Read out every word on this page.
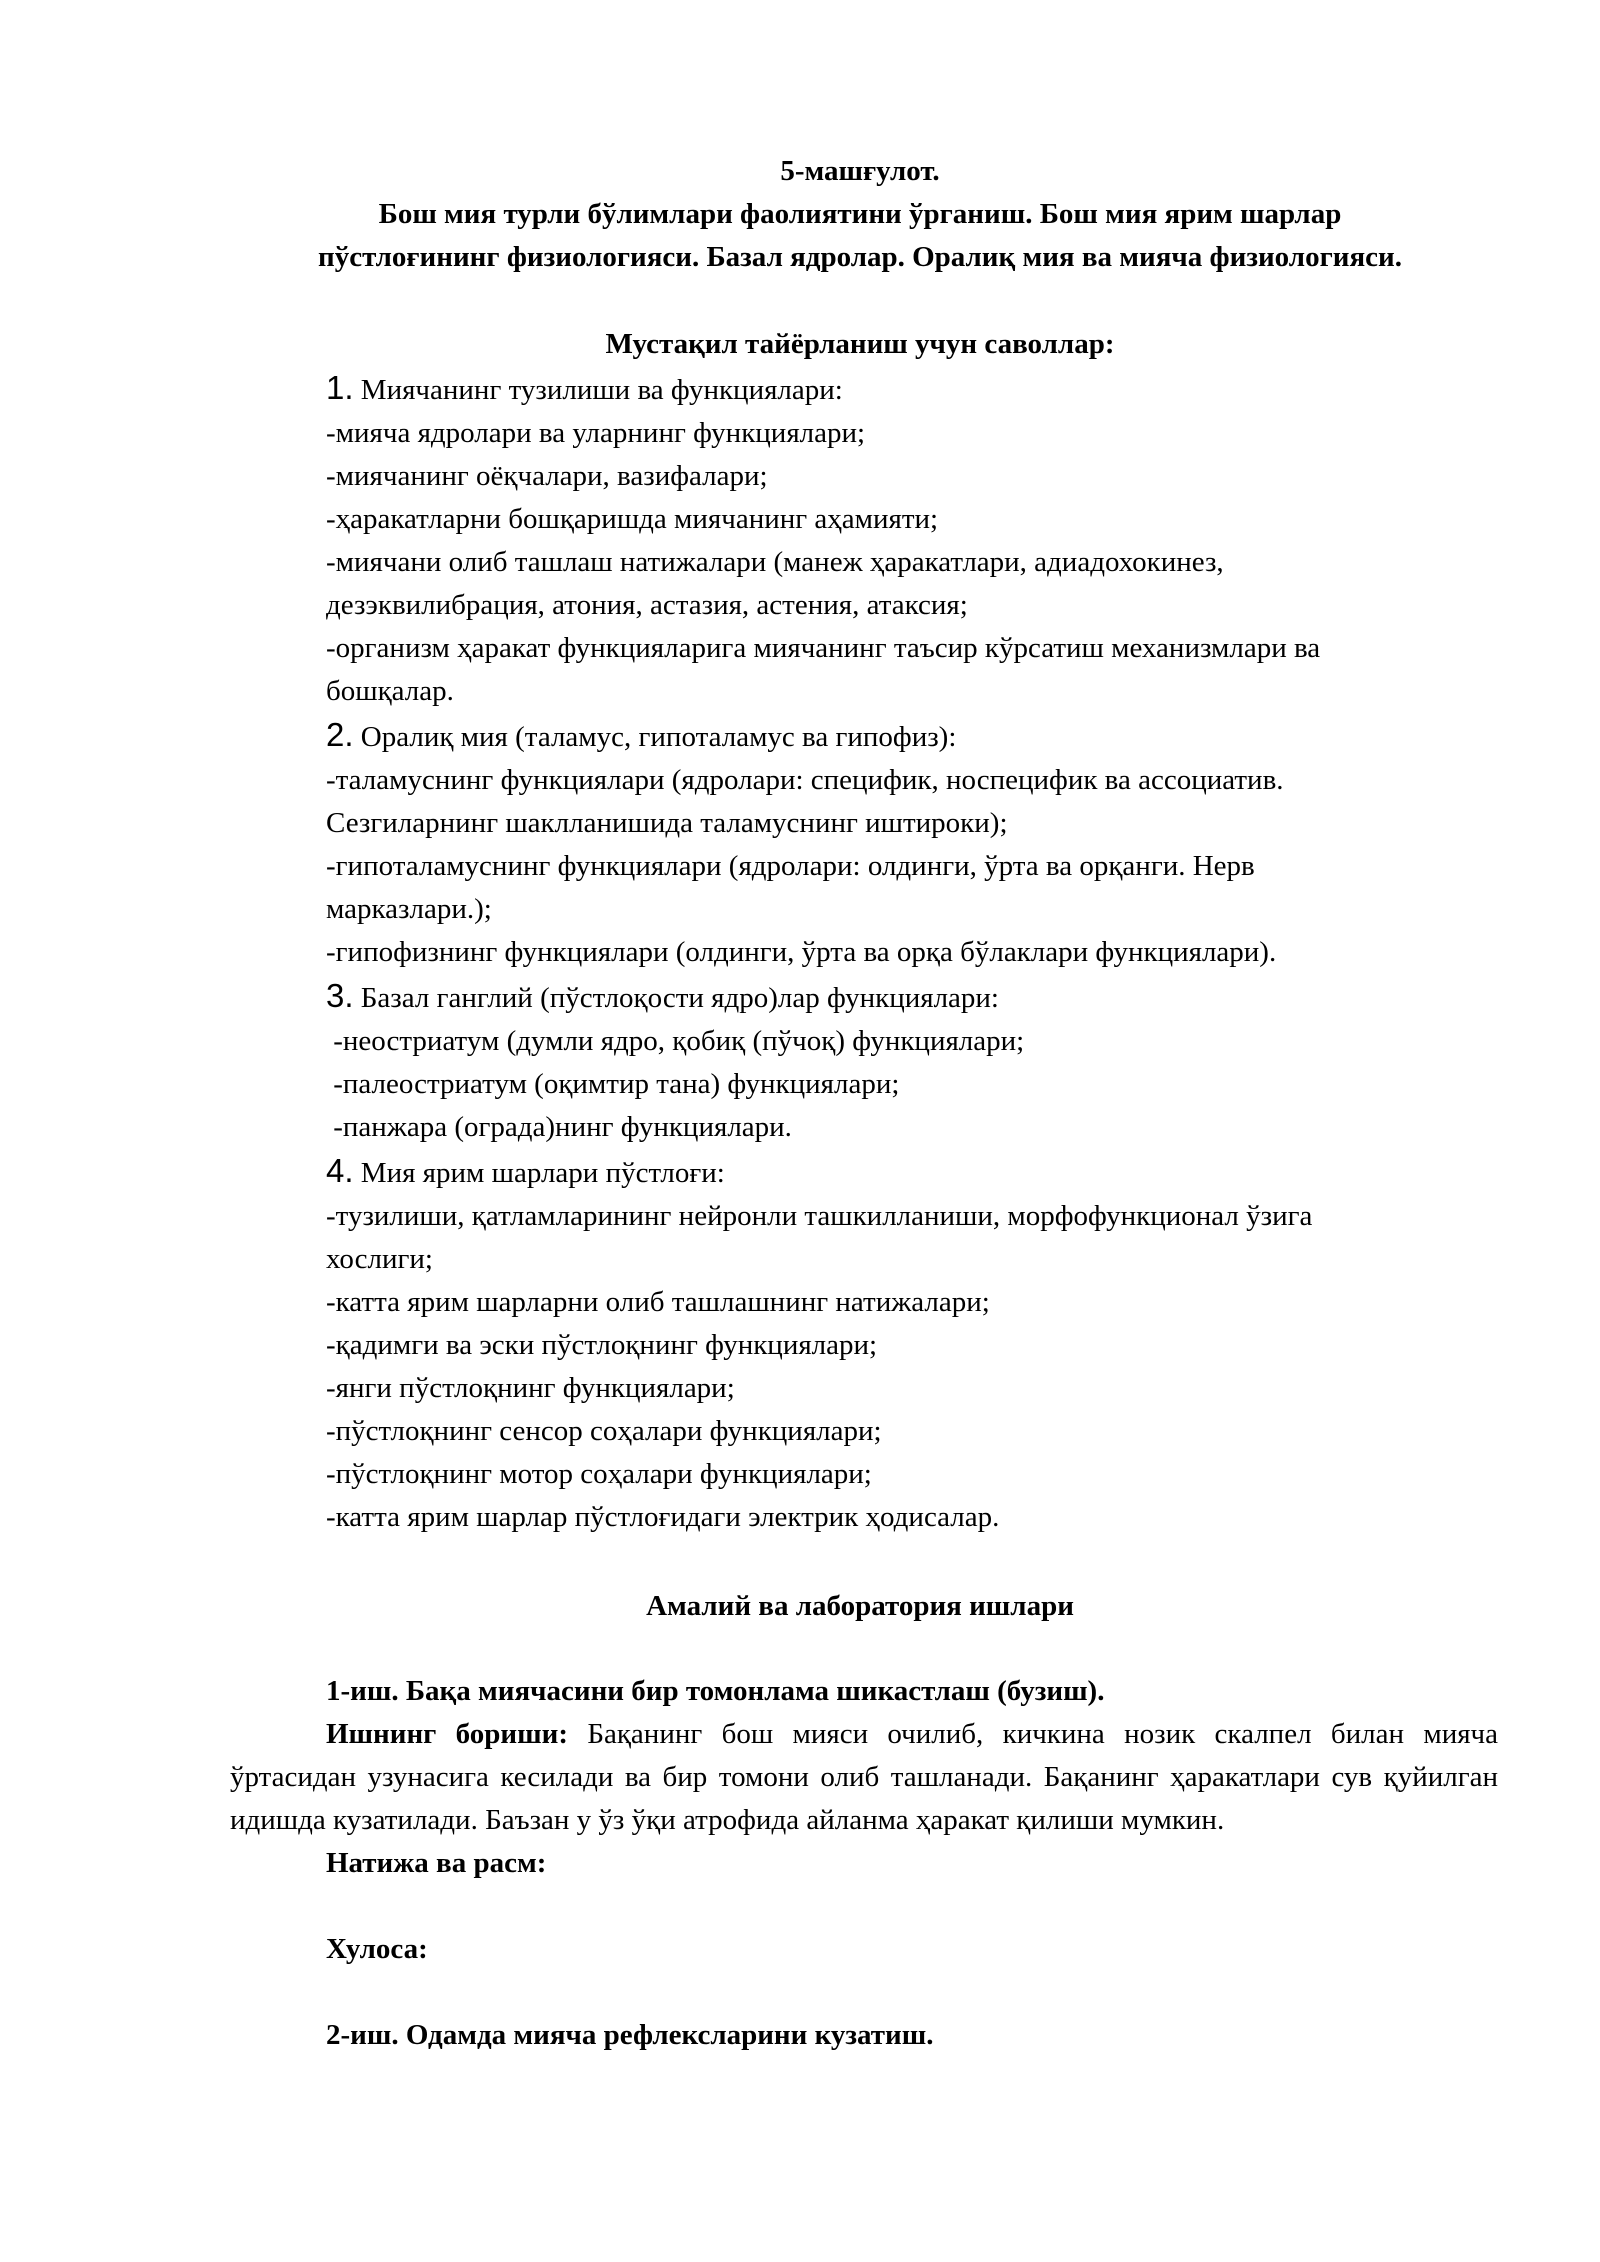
5-машғулот.
Бош мия турли бўлимлари фаолиятини ўрганиш. Бош мия ярим шарлар
пўстлоғининг физиологияси. Базал ядролар. Оралиқ мия ва мияча физиологияси.
Мустақил тайёрланиш учун саволлар:
1. Миячанинг тузилиши ва функциялари:
-мияча ядролари ва уларнинг функциялари;
-миячанинг оёқчалари, вазифалари;
-ҳаракатларни бошқаришда миячанинг аҳамияти;
-миячани олиб ташлаш натижалари (манеж ҳаракатлари, адиадохокинез,
дезэквилибрация, атония, астазия, астения, атаксия;
-организм ҳаракат функцияларига миячанинг таъсир кўрсатиш механизмлари ва
бошқалар.
2. Оралиқ мия (таламус, гипоталамус ва гипофиз):
-таламуснинг функциялари (ядролари: специфик, носпецифик ва ассоциатив.
Сезгиларнинг шаклланишида таламуснинг иштироки);
-гипоталамуснинг функциялари (ядролари: олдинги, ўрта ва орқанги. Нерв
марказлари.);
-гипофизнинг функциялари (олдинги, ўрта ва орқа бўлаклари функциялари).
3. Базал ганглий (пўстлоқости ядро)лар функциялари:
-неостриатум (думли ядро, қобиқ (пўчоқ) функциялари;
-палеостриатум (оқимтир тана) функциялари;
-панжара (ограда)нинг функциялари.
4. Мия ярим шарлари пўстлоғи:
-тузилиши, қатламларининг нейронли ташкилланиши, морфофункционал ўзига
хослиги;
-катта ярим шарларни олиб ташлашнинг натижалари;
-қадимги ва эски пўстлоқнинг функциялари;
-янги пўстлоқнинг функциялари;
-пўстлоқнинг сенсор соҳалари функциялари;
-пўстлоқнинг мотор соҳалари функциялари;
-катта ярим шарлар пўстлоғидаги электрик ҳодисалар.
Амалий ва лаборатория ишлари
1-иш. Бақа миячасини бир томонлама шикастлаш (бузиш).
Ишнинг бориши: Бақанинг бош мияси очилиб, кичкина нозик скалпел билан мияча ўртасидан узунасига кесилади ва бир томони олиб ташланади. Бақанинг ҳаракатлари сув қуйилган идишда кузатилади. Баъзан у ўз ўқи атрофида айланма ҳаракат қилиши мумкин.
Натижа ва расм:
Хулоса:
2-иш. Одамда мияча рефлексларини кузатиш.
